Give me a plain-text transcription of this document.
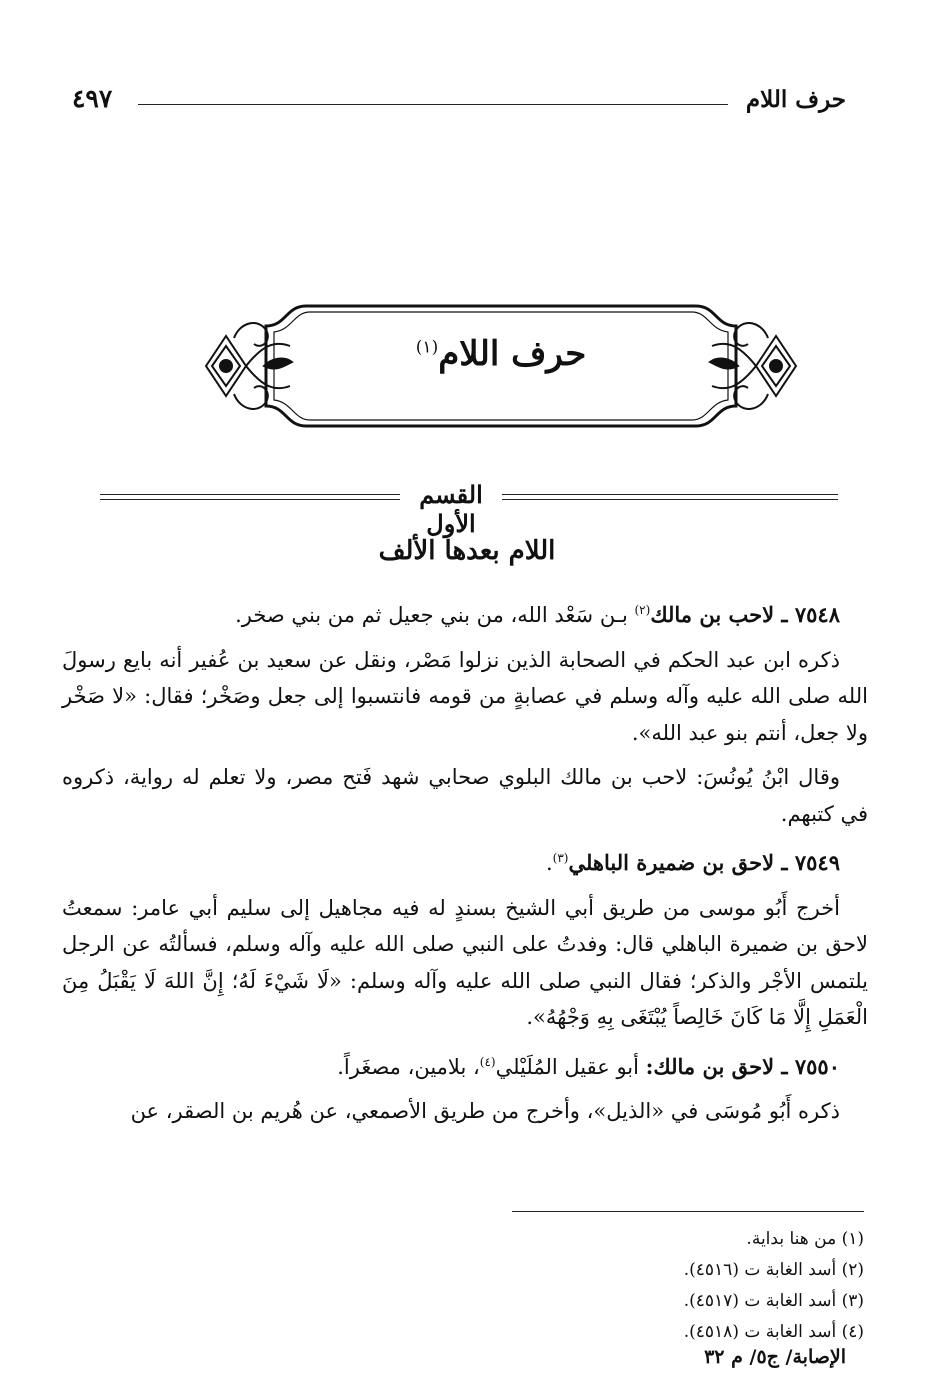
حرف اللام
٤٩٧
حرف اللام$^{(١)}$
القسم الأول
اللام بعدها الألف

٧٥٤٨ ـ لاحب بن مالك$^{(٢)}$ بـن سَعْد الله، من بني جعيل ثم من بني صخر.

ذكره ابن عبد الحكم في الصحابة الذين نزلوا مَصْر، ونقل عن سعيد بن عُفير أنه بايع رسولَ الله صلى الله عليه وآله وسلم في عصابةٍ من قومه فانتسبوا إلى جعل وصَخْر؛ فقال: «لا صَخْر ولا جعل، أنتم بنو عبد الله».

وقال ابْنُ يُونُسَ: لاحب بن مالك البلوي صحابي شهد فَتح مصر، ولا تعلم له رواية، ذكروه في كتبهم.

٧٥٤٩ ـ لاحق بن ضميرة الباهلي$^{(٣)}$.

أخرج أَبُو موسى من طريق أبي الشيخ بسندٍ له فيه مجاهيل إلى سليم أبي عامر: سمعتُ لاحق بن ضميرة الباهلي قال: وفدتُ على النبي صلى الله عليه وآله وسلم، فسألتُه عن الرجل يلتمس الأجْر والذكر؛ فقال النبي صلى الله عليه وآله وسلم: «لَا شَيْءَ لَهُ؛ إِنَّ اللهَ لَا يَقْبَلُ مِنَ الْعَمَلِ إِلَّا مَا كَانَ خَالِصاً يُبْتَغَى بِهِ وَجْهُهُ».

٧٥٥٠ ـ لاحق بن مالك: أبو عقيل المُلَيْلي$^{(٤)}$، بلامين، مصغَراً.

ذكره أَبُو مُوسَى في «الذيل»، وأخرج من طريق الأصمعي، عن هُريم بن الصقر، عن

(١) من هنا بداية.
(٢) أسد الغابة ت (٤٥١٦).
(٣) أسد الغابة ت (٤٥١٧).
(٤) أسد الغابة ت (٤٥١٨).
الإصابة/ ج٥/ م ٣٢
